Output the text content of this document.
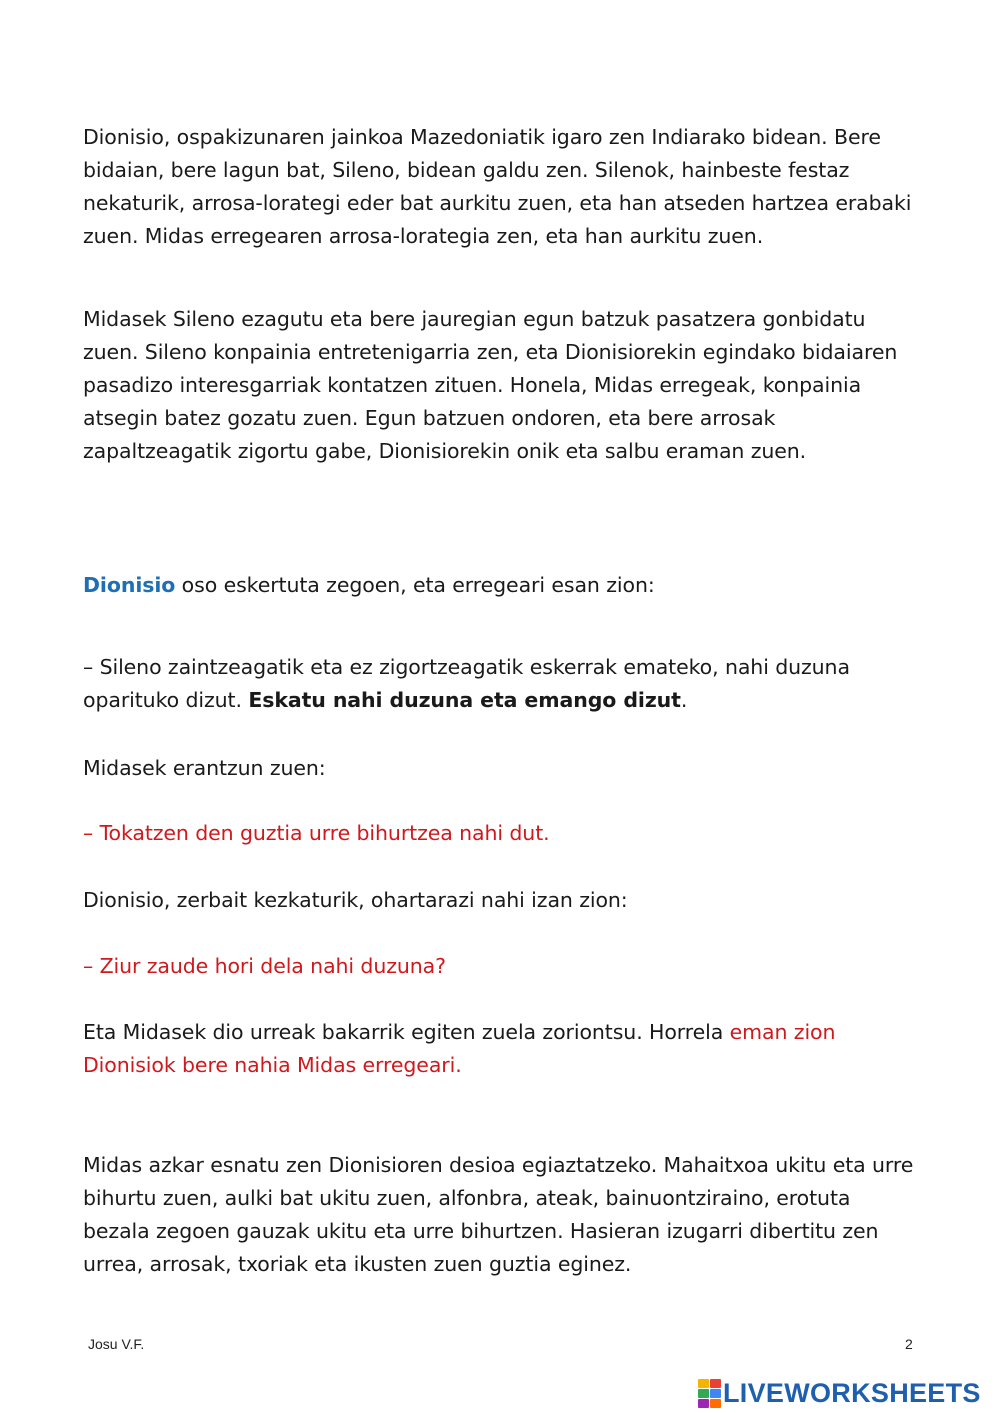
Dionisio, ospakizunaren jainkoa Mazedoniatik igaro zen Indiarako bidean. Bere bidaian, bere lagun bat, Sileno, bidean galdu zen. Silenok, hainbeste festaz nekaturik, arrosa-lorategi eder bat aurkitu zuen, eta han atseden hartzea erabaki zuen. Midas erregearen arrosa-lorategia zen, eta han aurkitu zuen.

Midasek Sileno ezagutu eta bere jauregian egun batzuk pasatzera gonbidatu zuen. Sileno konpainia entretenigarria zen, eta Dionisiorekin egindako bidaiaren pasadizo interesgarriak kontatzen zituen. Honela, Midas erregeak, konpainia atsegin batez gozatu zuen. Egun batzuen ondoren, eta bere arrosak zapaltzeagatik zigortu gabe, Dionisiorekin onik eta salbu eraman zuen.

Dionisio oso eskertuta zegoen, eta erregeari esan zion:

– Sileno zaintzeagatik eta ez zigortzeagatik eskerrak emateko, nahi duzuna oparituko dizut. Eskatu nahi duzuna eta emango dizut.

Midasek erantzun zuen:

– Tokatzen den guztia urre bihurtzea nahi dut.

Dionisio, zerbait kezkaturik, ohartarazi nahi izan zion:

– Ziur zaude hori dela nahi duzuna?

Eta Midasek dio urreak bakarrik egiten zuela zoriontsu. Horrela eman zion Dionisiok bere nahia Midas erregeari.

Midas azkar esnatu zen Dionisioren desioa egiaztatzeko. Mahaitxoa ukitu eta urre bihurtu zuen, aulki bat ukitu zuen, alfonbra, ateak, bainuontziraino, erotuta bezala zegoen gauzak ukitu eta urre bihurtzen. Hasieran izugarri dibertitu zen urrea, arrosak, txoriak eta ikusten zuen guztia eginez.

Josu V.F.	2
LIVEWORKSHEETS
